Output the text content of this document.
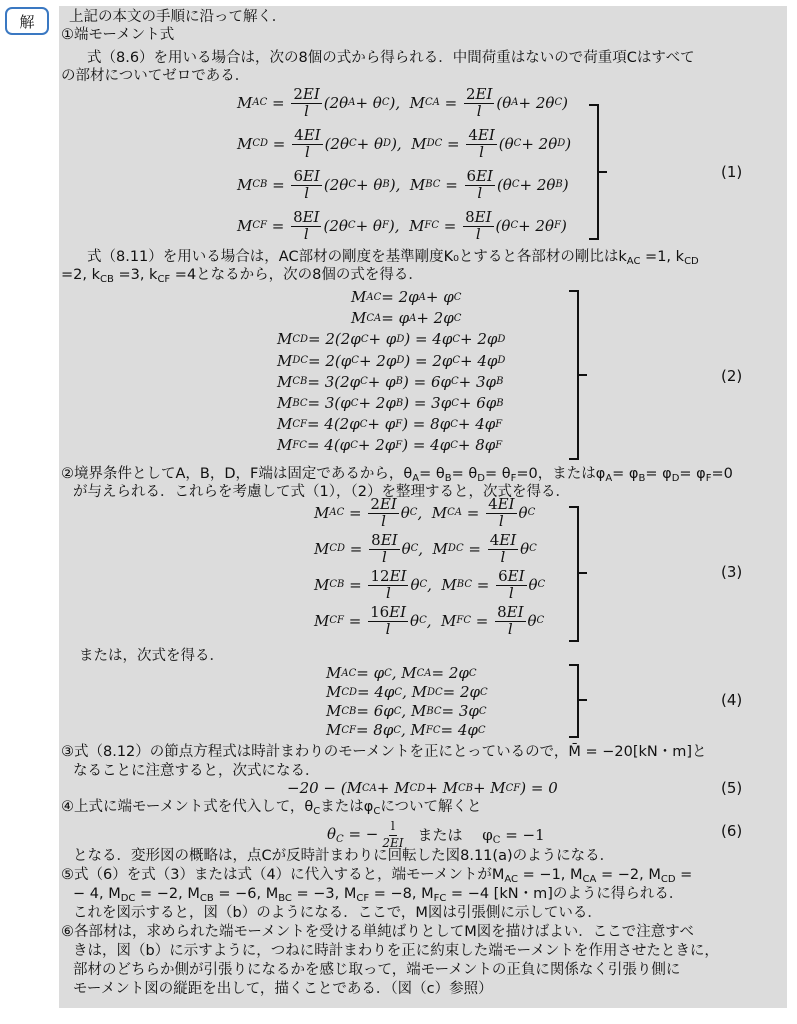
解	上記の本文の手順に沿って解く．
①端モーメント式
式（8.6）を用いる場合は，次の8個の式から得られる．中間荷重はないので荷重項Cはすべて
の部材についてゼロである．
M AC = $\frac{2EI}{l} (2\theta$ A + θ C ),  M CA = $\frac{2EI}{l} (\theta$ A + 2θ C )
M CD = $\frac{4EI}{l} (2\theta$ C + θ D ),  M DC = $\frac{4EI}{l} (\theta$ C + 2θ D )
M CB = $\frac{6EI}{l} (2\theta$ C + θ B ),  M BC = $\frac{6EI}{l} (\theta$ C + 2θ B )
M CF = $\frac{8EI}{l} (2\theta$ C + θ F ),  M FC = $\frac{8EI}{l} (\theta$ C + 2θ F )
(1)
式（8.11）を用いる場合は，AC部材の剛度を基準剛度K₀とすると各部材の剛比は$k_{AC} =1$, $k_{CD}$
=2, $k_{CB} =3$, $k_{CF} =4$となるから，次の8個の式を得る．
M AC = 2φ A + φ C
M CA = φ A + 2φ C
M CD = 2(2φ C + φ D ) = 4φ C + 2φ D
M DC = 2(φ C + 2φ D ) = 2φ C + 4φ D
M CB = 3(2φ C + φ B ) = 6φ C + 3φ B
M BC = 3(φ C + 2φ B ) = 3φ C + 6φ B
M CF = 4(2φ C + φ F ) = 8φ C + 4φ F
M FC = 4(φ C + 2φ F ) = 4φ C + 8φ F
(2)
②境界条件としてA，B，D，F端は固定であるから，$\theta_A= \theta_B= \theta_D= \theta_F=0$，または$\varphi_A= \varphi_B= \varphi_D= \varphi_F=0$
が与えられる．これらを考慮して式（1），（2）を整理すると，次式を得る．
M AC = $\frac{2EI}{l}$ θ C ,  M CA = $\frac{4EI}{l}$ θ C
M CD = $\frac{8EI}{l}$ θ C ,  M DC = $\frac{4EI}{l}$ θ C
M CB = $\frac{12EI}{l}$ θ C ,  M BC = $\frac{6EI}{l}$ θ C
M CF = $\frac{16EI}{l}$ θ C ,  M FC = $\frac{8EI}{l}$ θ C
(3)
または，次式を得る．
M AC = φ C , M CA = 2φ C
M CD = 4φ C , M DC = 2φ C
M CB = 6φ C , M BC = 3φ C
M CF = 8φ C , M FC = 4φ C
(4)
③式（8.12）の節点方程式は時計まわりのモーメントを正にとっているので，M̄ = −20[kN・m]と
なることに注意すると，次式になる．
−20 − (M CA + M CD + M CB + M CF ) = 0	(5)
④上式に端モーメント式を代入して，$\theta_C$または$\varphi_C$について解くと
$\theta_C$ = − $\frac{l}{2EI}$ または　 $\varphi_C = -1$	(6)
となる．変形図の概略は，点Cが反時計まわりに回転した図8.11(a)のようになる．
⑤式（6）を式（3）または式（4）に代入すると，端モーメントが$M_{AC} = -1$, $M_{CA} = -2$, $M_{CD}$ =
− 4, $M_{DC} = -2$, $M_{CB} = -6$, $M_{BC} = -3$, $M_{CF} = -8$, $M_{FC} = -4$ [kN・m]のように得られる．
これを図示すると，図（b）のようになる．ここで，M図は引張側に示している．
⑥各部材は，求められた端モーメントを受ける単純ばりとしてM図を描けばよい．ここで注意すべ
きは，図（b）に示すように，つねに時計まわりを正に約束した端モーメントを作用させたときに，
部材のどちらか側が引張りになるかを感じ取って，端モーメントの正負に関係なく引張り側に
モーメント図の縦距を出して，描くことである．（図（c）参照）
